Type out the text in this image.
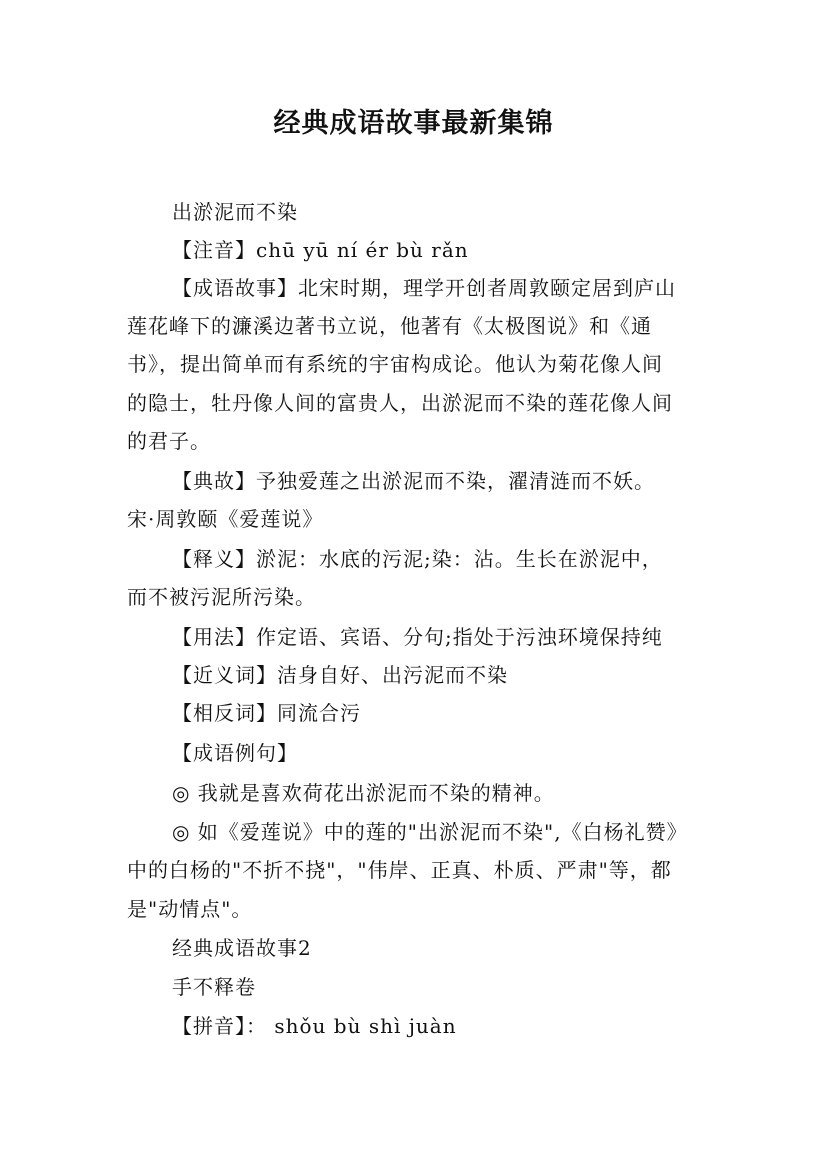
经典成语故事最新集锦
出淤泥而不染
【注音】chū yū ní ér bù rǎn
【成语故事】北宋时期，理学开创者周敦颐定居到庐山
莲花峰下的濂溪边著书立说，他著有《太极图说》和《通
书》，提出简单而有系统的宇宙构成论。他认为菊花像人间
的隐士，牡丹像人间的富贵人，出淤泥而不染的莲花像人间
的君子。
【典故】予独爱莲之出淤泥而不染，濯清涟而不妖。
宋·周敦颐《爱莲说》
【释义】淤泥：水底的污泥;染：沾。生长在淤泥中，
而不被污泥所污染。
【用法】作定语、宾语、分句;指处于污浊环境保持纯
【近义词】洁身自好、出污泥而不染
【相反词】同流合污
【成语例句】
◎ 我就是喜欢荷花出淤泥而不染的精神。
◎ 如《爱莲说》中的莲的"出淤泥而不染",《白杨礼赞》
中的白杨的"不折不挠"，"伟岸、正真、朴质、严肃"等，都
是"动情点"。
经典成语故事2
手不释卷
【拼音】： shǒu bù shì juàn
